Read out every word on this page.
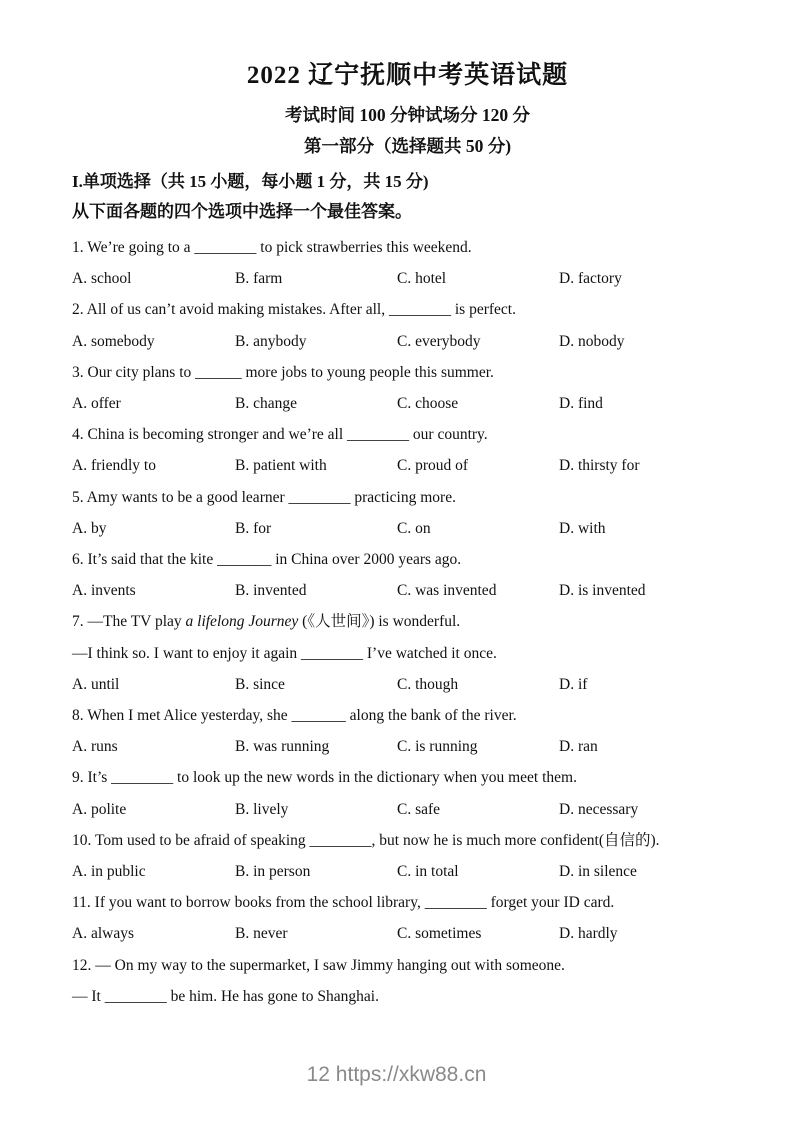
2022 辽宁抚顺中考英语试题
考试时间 100 分钟试场分 120 分
第一部分（选择题共 50 分)
I.单项选择（共 15 小题，每小题 1 分，共 15 分)
从下面各题的四个选项中选择一个最佳答案。
1. We’re going to a ________ to pick strawberries this weekend.
A. school	B. farm	C. hotel	D. factory
2. All of us can’t avoid making mistakes. After all, ________ is perfect.
A. somebody	B. anybody	C. everybody	D. nobody
3. Our city plans to ______ more jobs to young people this summer.
A. offer	B. change	C. choose	D. find
4. China is becoming stronger and we’re all ________ our country.
A. friendly to	B. patient with	C. proud of	D. thirsty for
5. Amy wants to be a good learner ________ practicing more.
A. by	B. for	C. on	D. with
6. It’s said that the kite _______ in China over 2000 years ago.
A. invents	B. invented	C. was invented	D. is invented
7. —The TV play a lifelong Journey (《人世间》) is wonderful.
—I think so. I want to enjoy it again ________ I’ve watched it once.
A. until	B. since	C. though	D. if
8. When I met Alice yesterday, she _______ along the bank of the river.
A. runs	B. was running	C. is running	D. ran
9. It’s ________ to look up the new words in the dictionary when you meet them.
A. polite	B. lively	C. safe	D. necessary
10. Tom used to be afraid of speaking ________, but now he is much more confident(自信的).
A. in public	B. in person	C. in total	D. in silence
11. If you want to borrow books from the school library, ________ forget your ID card.
A. always	B. never	C. sometimes	D. hardly
12. — On my way to the supermarket, I saw Jimmy hanging out with someone.
— It ________ be him. He has gone to Shanghai.
12 https://xkw88.cn
